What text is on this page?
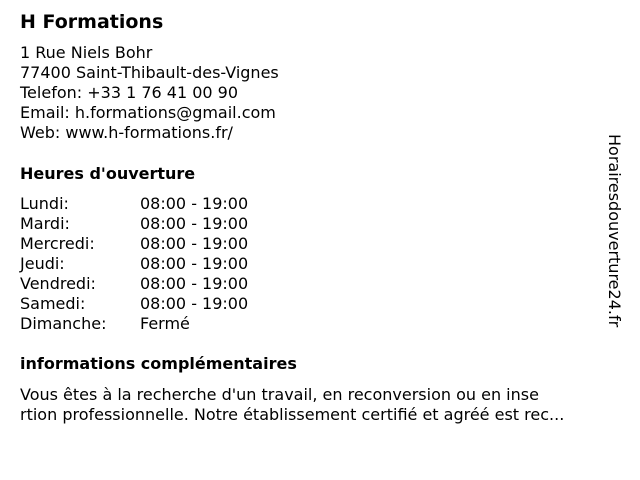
H Formations
1 Rue Niels Bohr
77400 Saint-Thibault-des-Vignes
Telefon: +33 1 76 41 00 90
Email: h.formations@gmail.com
Web: www.h-formations.fr/
Heures d'ouverture
Lundi:	08:00 - 19:00
Mardi:	08:00 - 19:00
Mercredi:	08:00 - 19:00
Jeudi:	08:00 - 19:00
Vendredi:	08:00 - 19:00
Samedi:	08:00 - 19:00
Dimanche:	Fermé
informations complémentaires

Vous êtes à la recherche d'un travail, en reconversion ou en inse
rtion professionnelle. Notre établissement certifié et agréé est rec...

Horairesdouverture24.fr
